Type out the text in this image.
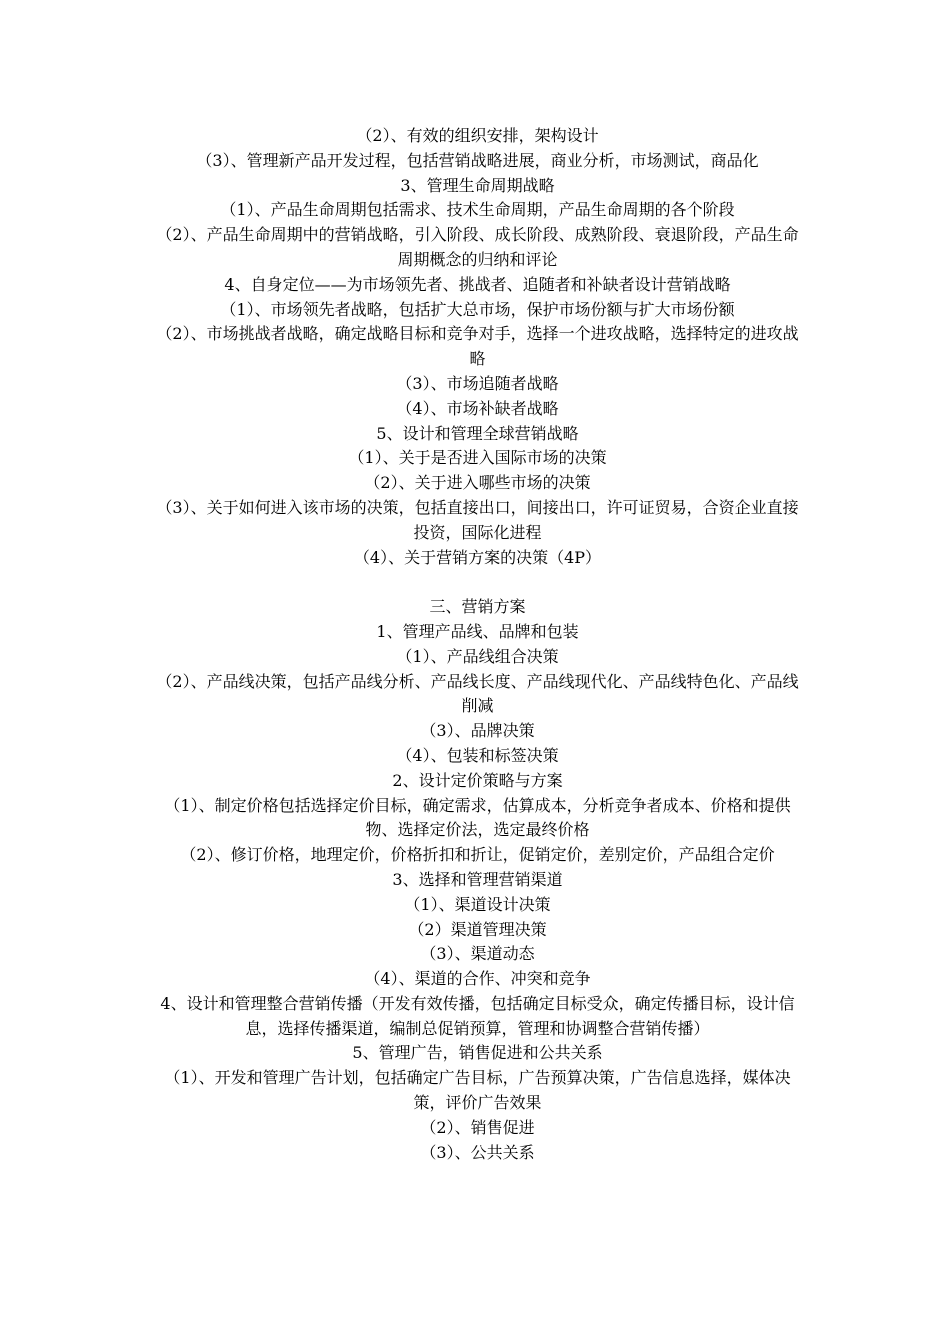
（2）、有效的组织安排，架构设计
（3）、管理新产品开发过程，包括营销战略进展，商业分析，市场测试，商品化
3、管理生命周期战略
（1）、产品生命周期包括需求、技术生命周期，产品生命周期的各个阶段
（2）、产品生命周期中的营销战略，引入阶段、成长阶段、成熟阶段、衰退阶段，产品生命周期概念的归纳和评论
4、自身定位——为市场领先者、挑战者、追随者和补缺者设计营销战略
（1）、市场领先者战略，包括扩大总市场，保护市场份额与扩大市场份额
（2）、市场挑战者战略，确定战略目标和竞争对手，选择一个进攻战略，选择特定的进攻战略
（3）、市场追随者战略
（4）、市场补缺者战略
5、设计和管理全球营销战略
（1）、关于是否进入国际市场的决策
（2）、关于进入哪些市场的决策
（3）、关于如何进入该市场的决策，包括直接出口，间接出口，许可证贸易，合资企业直接投资，国际化进程
（4）、关于营销方案的决策（4P）
三、营销方案
1、管理产品线、品牌和包装
（1）、产品线组合决策
（2）、产品线决策，包括产品线分析、产品线长度、产品线现代化、产品线特色化、产品线削减
（3）、品牌决策
（4）、包装和标签决策
2、设计定价策略与方案
（1）、制定价格包括选择定价目标，确定需求，估算成本，分析竞争者成本、价格和提供物、选择定价法，选定最终价格
（2）、修订价格，地理定价，价格折扣和折让，促销定价，差别定价，产品组合定价
3、选择和管理营销渠道
（1）、渠道设计决策
（2）渠道管理决策
（3）、渠道动态
（4）、渠道的合作、冲突和竞争
4、设计和管理整合营销传播（开发有效传播，包括确定目标受众，确定传播目标，设计信息，选择传播渠道，编制总促销预算，管理和协调整合营销传播）
5、管理广告，销售促进和公共关系
（1）、开发和管理广告计划，包括确定广告目标，广告预算决策，广告信息选择，媒体决策，评价广告效果
（2）、销售促进
（3）、公共关系
